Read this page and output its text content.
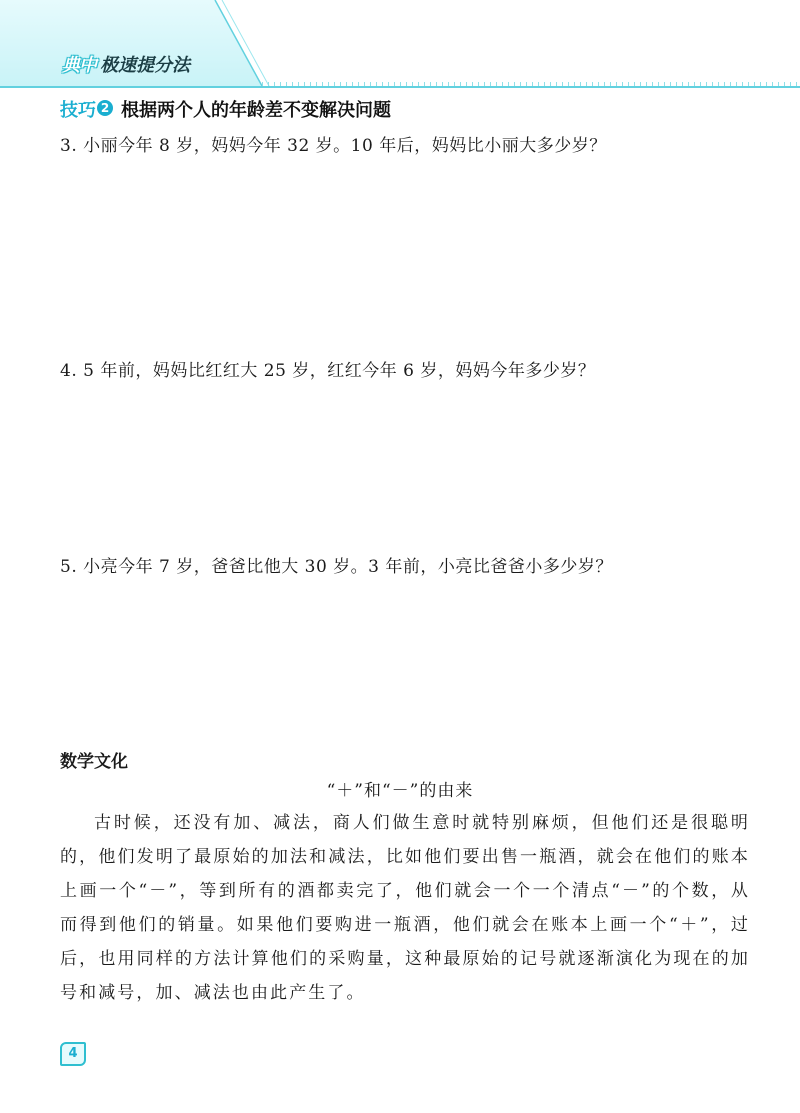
典中 极速提分法
技巧 2 根据两个人的年龄差不变解决问题
3. 小丽今年 8 岁，妈妈今年 32 岁。10 年后，妈妈比小丽大多少岁？
4. 5 年前，妈妈比红红大 25 岁，红红今年 6 岁，妈妈今年多少岁？
5. 小亮今年 7 岁，爸爸比他大 30 岁。3 年前，小亮比爸爸小多少岁？
数学文化
“＋”和“－”的由来

古时候，还没有加、减法，商人们做生意时就特别麻烦，但他们还是很聪明的，他们发明了最原始的加法和减法，比如他们要出售一瓶酒，就会在他们的账本上画一个“－”，等到所有的酒都卖完了，他们就会一个一个清点“－”的个数，从而得到他们的销量。如果他们要购进一瓶酒，他们就会在账本上画一个“＋”，过后，也用同样的方法计算他们的采购量，这种最原始的记号就逐渐演化为现在的加号和减号，加、减法也由此产生了。

4
